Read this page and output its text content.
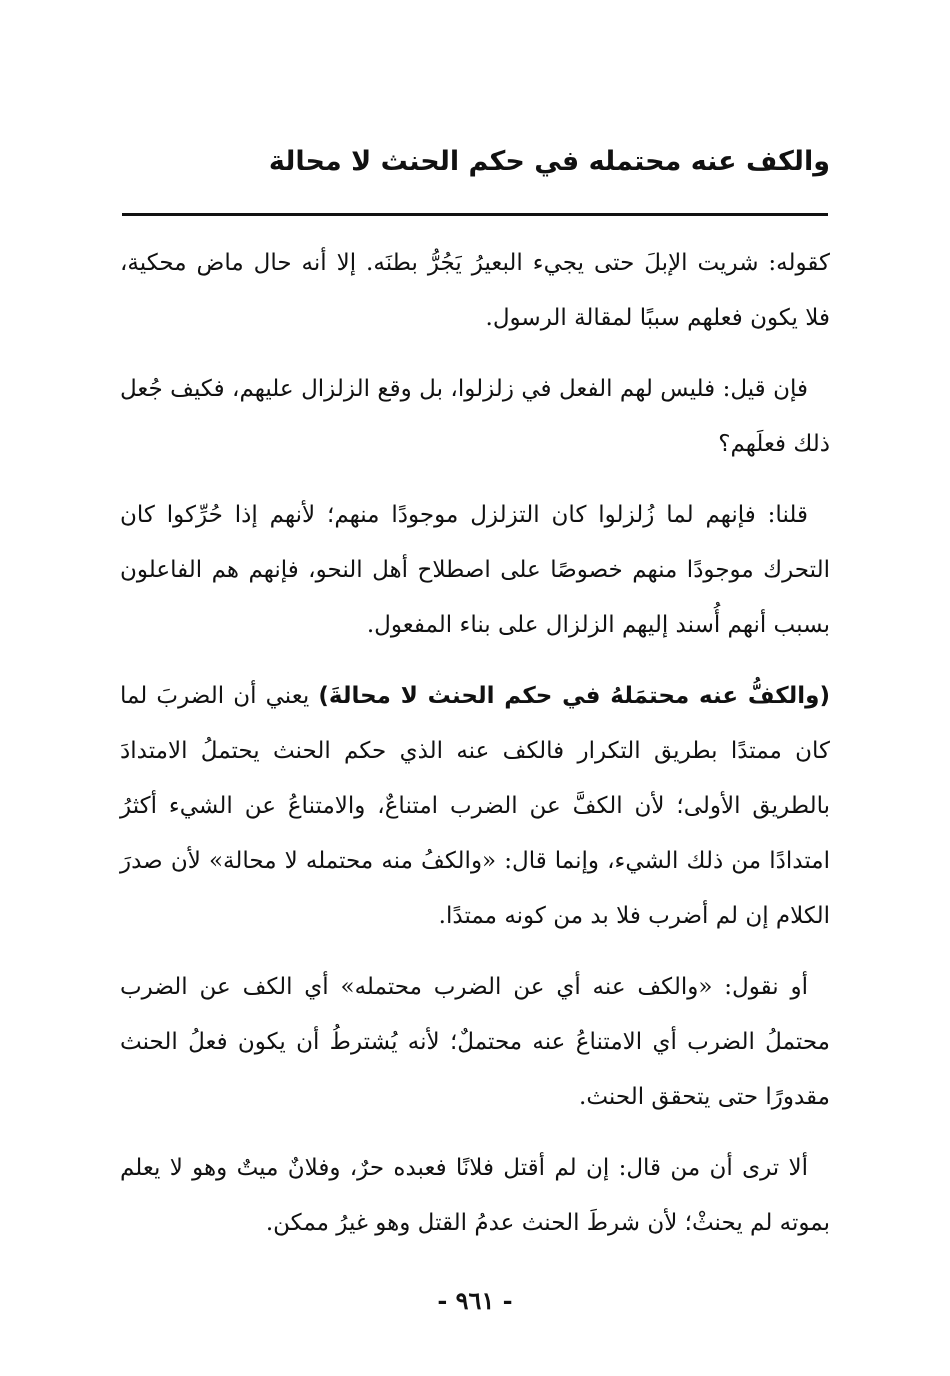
والكف عنه محتمله في حكم الحنث لا محالة

كقوله: شريت الإبلَ حتى يجيء البعيرُ يَجُرُّ بطنَه. إلا أنه حال ماض محكية، فلا يكون فعلهم سببًا لمقالة الرسول.

فإن قيل: فليس لهم الفعل في زلزلوا، بل وقع الزلزال عليهم، فكيف جُعل ذلك فعلَهم؟

قلنا: فإنهم لما زُلزلوا كان التزلزل موجودًا منهم؛ لأنهم إذا حُرِّكوا كان التحرك موجودًا منهم خصوصًا على اصطلاح أهل النحو، فإنهم هم الفاعلون بسبب أنهم أُسند إليهم الزلزال على بناء المفعول.

(والكفُّ عنه محتمَلهُ في حكم الحنث لا محالةَ) يعني أن الضربَ لما كان ممتدًا بطريق التكرار فالكف عنه الذي حكم الحنث يحتملُ الامتدادَ بالطريق الأولى؛ لأن الكفَّ عن الضرب امتناعٌ، والامتناعُ عن الشيء أكثرُ امتدادًا من ذلك الشيء، وإنما قال: «والكفُ منه محتمله لا محالة» لأن صدرَ الكلام إن لم أضرب فلا بد من كونه ممتدًا.

أو نقول: «والكف عنه أي عن الضرب محتمله» أي الكف عن الضرب محتملُ الضرب أي الامتناعُ عنه محتملٌ؛ لأنه يُشترطُ أن يكون فعلُ الحنث مقدورًا حتى يتحقق الحنث.

ألا ترى أن من قال: إن لم أقتل فلانًا فعبده حرٌ، وفلانٌ ميتٌ وهو لا يعلم بموته لم يحنثْ؛ لأن شرطَ الحنث عدمُ القتل وهو غيرُ ممكن.

- ٩٦١ -
